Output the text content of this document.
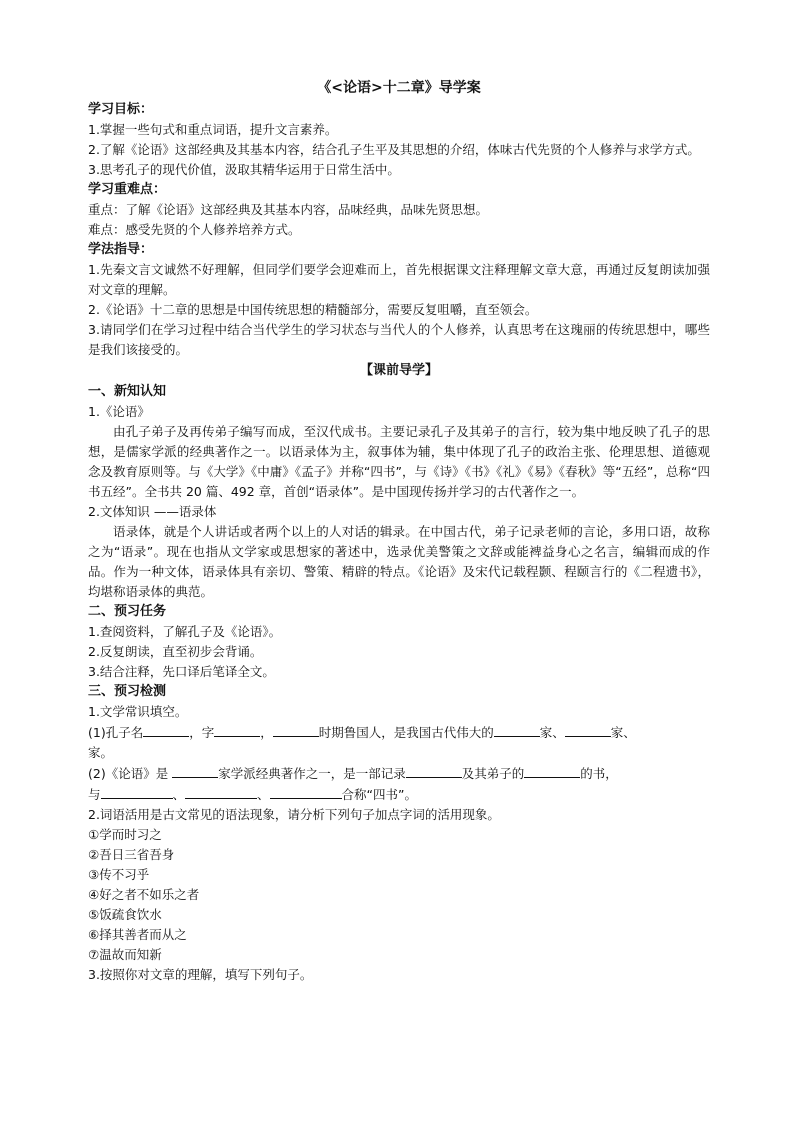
《<论语>十二章》导学案
学习目标：
1.掌握一些句式和重点词语，提升文言素养。
2.了解《论语》这部经典及其基本内容，结合孔子生平及其思想的介绍，体味古代先贤的个人修养与求学方式。
3.思考孔子的现代价值，汲取其精华运用于日常生活中。
学习重难点：
重点：了解《论语》这部经典及其基本内容，品味经典，品味先贤思想。
难点：感受先贤的个人修养培养方式。
学法指导：
1.先秦文言文诚然不好理解，但同学们要学会迎难而上，首先根据课文注释理解文章大意，再通过反复朗读加强对文章的理解。
2.《论语》十二章的思想是中国传统思想的精髓部分，需要反复咀嚼，直至领会。
3.请同学们在学习过程中结合当代学生的学习状态与当代人的个人修养，认真思考在这瑰丽的传统思想中，哪些是我们该接受的。
【课前导学】
一、新知认知
1.《论语》
由孔子弟子及再传弟子编写而成，至汉代成书。主要记录孔子及其弟子的言行，较为集中地反映了孔子的思想，是儒家学派的经典著作之一。以语录体为主，叙事体为辅，集中体现了孔子的政治主张、伦理思想、道德观念及教育原则等。与《大学》《中庸》《孟子》并称“四书”，与《诗》《书》《礼》《易》《春秋》等“五经”，总称“四书五经”。全书共 20 篇、492 章，首创“语录体”。是中国现传扬并学习的古代著作之一。
2.文体知识 ——语录体
语录体，就是个人讲话或者两个以上的人对话的辑录。在中国古代，弟子记录老师的言论，多用口语，故称之为“语录”。现在也指从文学家或思想家的著述中，选录优美警策之文辞或能裨益身心之名言，编辑而成的作品。作为一种文体，语录体具有亲切、警策、精辟的特点。《论语》及宋代记载程颢、程颐言行的《二程遗书》，均堪称语录体的典范。
二、预习任务
1.查阅资料，了解孔子及《论语》。
2.反复朗读，直至初步会背诵。
3.结合注释，先口译后笔译全文。
三、预习检测
1.文学常识填空。
(1)孔子名	，字	，	时期鲁国人，是我国古代伟大的	家、	家、
家。
(2)《论语》是	家学派经典著作之一，是一部记录	及其弟子的	的书，
与	、	、	合称“四书”。
2.词语活用是古文常见的语法现象，请分析下列句子加点字词的活用现象。
①学而时习之
②吾日三省吾身
③传不习乎
④好之者不如乐之者
⑤饭疏食饮水
⑥择其善者而从之
⑦温故而知新
3.按照你对文章的理解，填写下列句子。
